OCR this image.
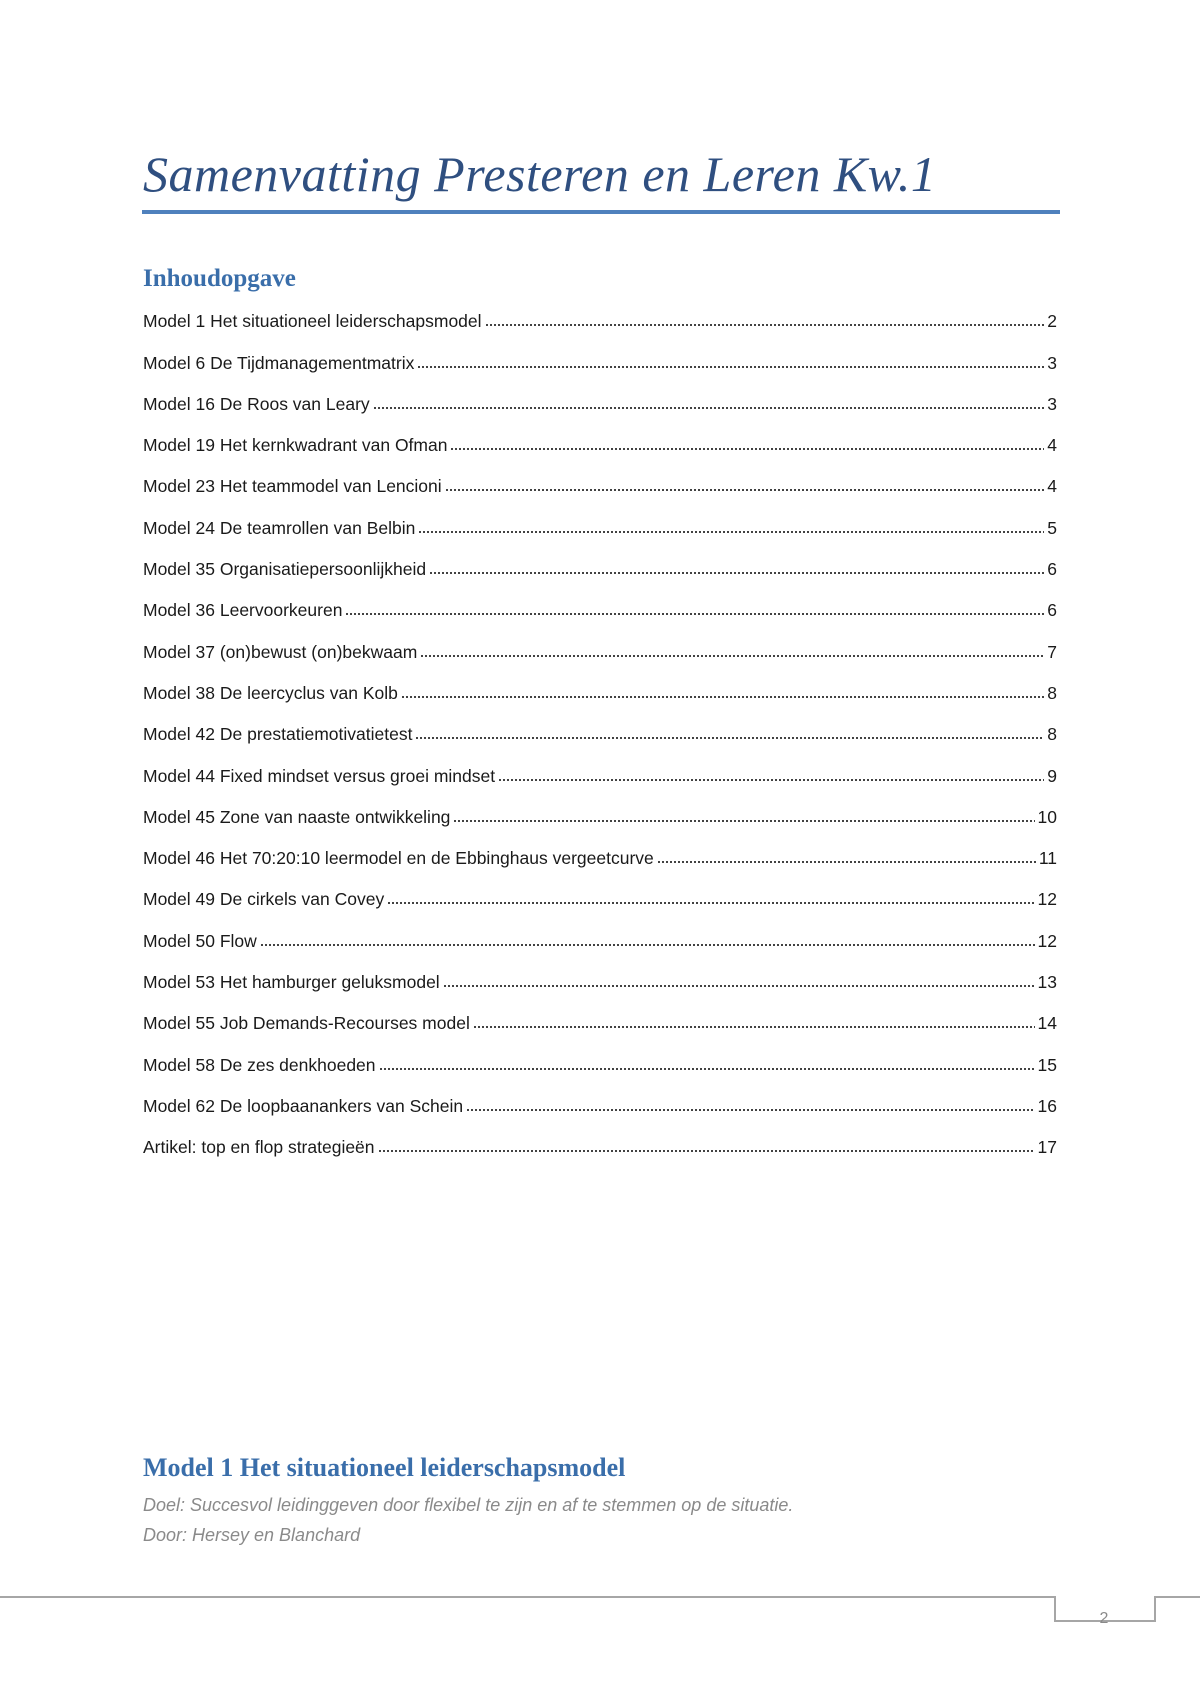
Samenvatting Presteren en Leren Kw.1
Inhoudopgave
Model 1 Het situationeel leiderschapsmodel	2
Model 6 De Tijdmanagementmatrix	3
Model 16 De Roos van Leary	3
Model 19 Het kernkwadrant van Ofman	4
Model 23 Het teammodel van Lencioni	4
Model 24 De teamrollen van Belbin	5
Model 35 Organisatiepersoonlijkheid	6
Model 36 Leervoorkeuren	6
Model 37 (on)bewust (on)bekwaam	7
Model 38 De leercyclus van Kolb	8
Model 42 De prestatiemotivatietest	8
Model 44 Fixed mindset versus groei mindset	9
Model 45 Zone van naaste ontwikkeling	10
Model 46 Het 70:20:10 leermodel en de Ebbinghaus vergeetcurve	11
Model 49 De cirkels van Covey	12
Model 50 Flow	12
Model 53 Het hamburger geluksmodel	13
Model 55 Job Demands-Recourses model	14
Model 58 De zes denkhoeden	15
Model 62 De loopbaanankers van Schein	16
Artikel: top en flop strategieën	17
Model 1 Het situationeel leiderschapsmodel
Doel: Succesvol leidinggeven door flexibel te zijn en af te stemmen op de situatie.
Door: Hersey en Blanchard
2
